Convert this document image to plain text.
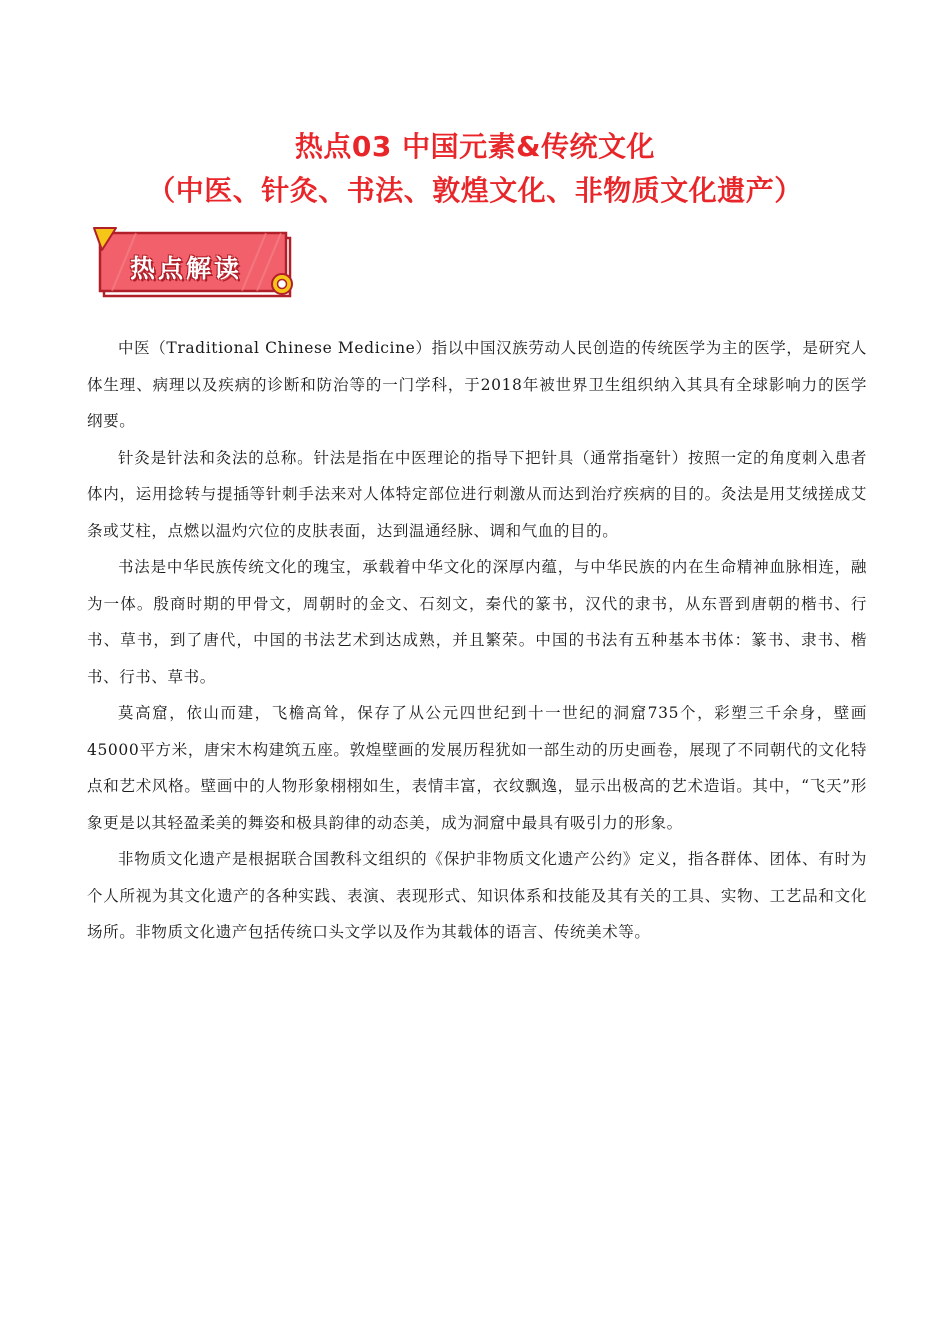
热点03 中国元素&传统文化
（中医、针灸、书法、敦煌文化、非物质文化遗产）
热点解读

中医（Traditional Chinese Medicine）指以中国汉族劳动人民创造的传统医学为主的医学，是研究人体生理、病理以及疾病的诊断和防治等的一门学科，于2018年被世界卫生组织纳入其具有全球影响力的医学纲要。

针灸是针法和灸法的总称。针法是指在中医理论的指导下把针具（通常指毫针）按照一定的角度刺入患者体内，运用捻转与提插等针刺手法来对人体特定部位进行刺激从而达到治疗疾病的目的。灸法是用艾绒搓成艾条或艾柱，点燃以温灼穴位的皮肤表面，达到温通经脉、调和气血的目的。

书法是中华民族传统文化的瑰宝，承载着中华文化的深厚内蕴，与中华民族的内在生命精神血脉相连，融为一体。殷商时期的甲骨文，周朝时的金文、石刻文，秦代的篆书，汉代的隶书，从东晋到唐朝的楷书、行书、草书，到了唐代，中国的书法艺术到达成熟，并且繁荣。中国的书法有五种基本书体：篆书、隶书、楷书、行书、草书。

莫高窟，依山而建，飞檐高耸，保存了从公元四世纪到十一世纪的洞窟735个，彩塑三千余身，壁画45000平方米，唐宋木构建筑五座。敦煌壁画的发展历程犹如一部生动的历史画卷，展现了不同朝代的文化特点和艺术风格。壁画中的人物形象栩栩如生，表情丰富，衣纹飘逸，显示出极高的艺术造诣。其中，“飞天”形象更是以其轻盈柔美的舞姿和极具韵律的动态美，成为洞窟中最具有吸引力的形象。

非物质文化遗产是根据联合国教科文组织的《保护非物质文化遗产公约》定义，指各群体、团体、有时为个人所视为其文化遗产的各种实践、表演、表现形式、知识体系和技能及其有关的工具、实物、工艺品和文化场所。非物质文化遗产包括传统口头文学以及作为其载体的语言、传统美术等。
